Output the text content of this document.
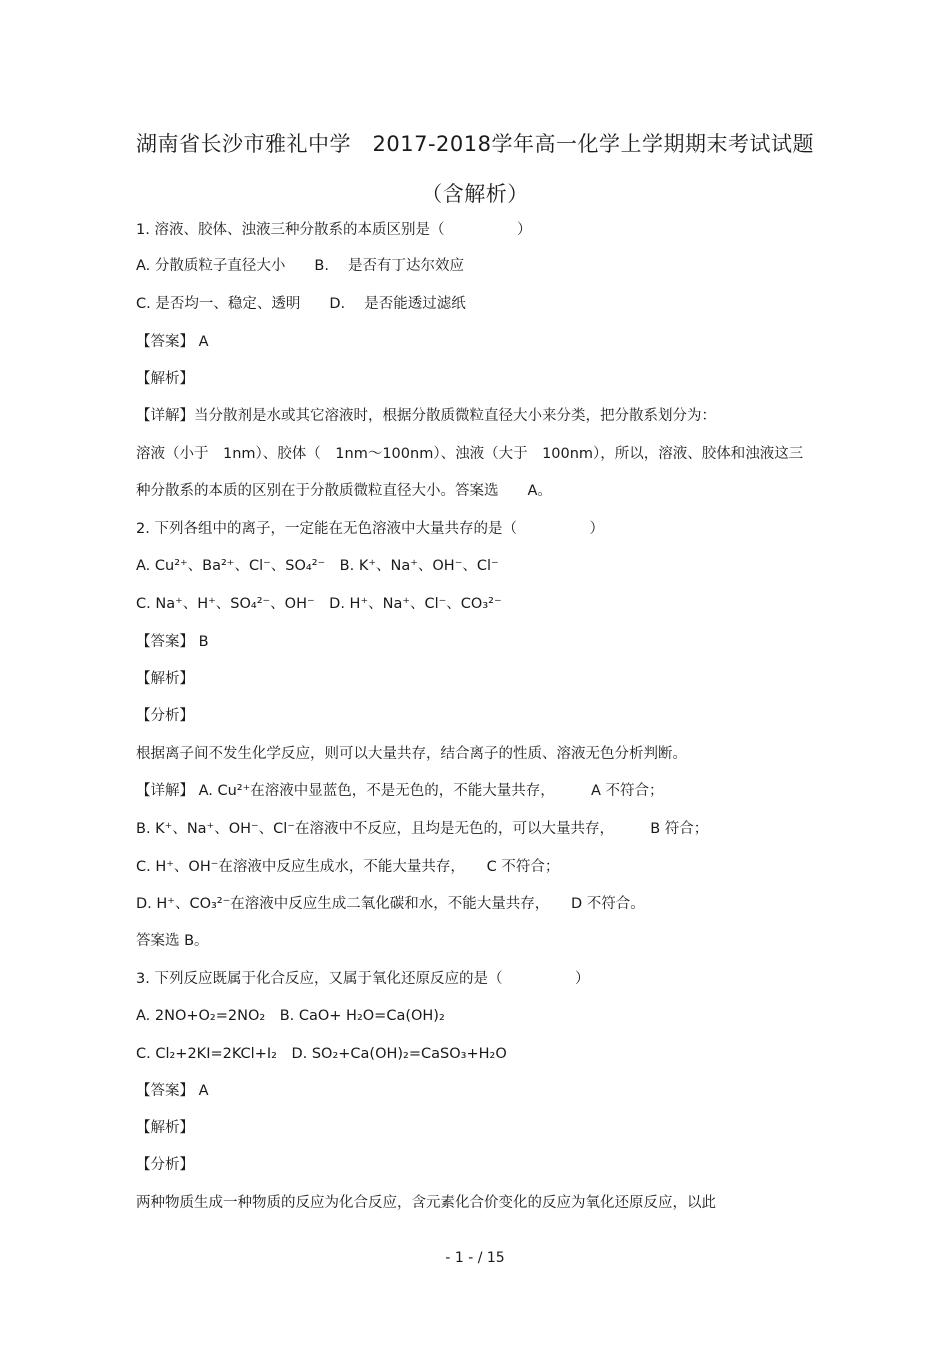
湖南省长沙市雅礼中学　2017-2018学年高一化学上学期期末考试试题
（含解析）
1. 溶液、胶体、浊液三种分散系的本质区别是（　　　　　）
A. 分散质粒子直径大小　　B.　 是否有丁达尔效应
C. 是否均一、稳定、透明　　D.　 是否能透过滤纸
【答案】 A
【解析】
【详解】当分散剂是水或其它溶液时，根据分散质微粒直径大小来分类，把分散系划分为：
溶液（小于　1nm）、胶体（　1nm～100nm）、浊液（大于　100nm），所以，溶液、胶体和浊液这三
种分散系的本质的区别在于分散质微粒直径大小。答案选　　A。
2. 下列各组中的离子，一定能在无色溶液中大量共存的是（　　　　　）
A. Cu²⁺、Ba²⁺、Cl⁻、SO₄²⁻　B. K⁺、Na⁺、OH⁻、Cl⁻
C. Na⁺、H⁺、SO₄²⁻、OH⁻　D. H⁺、Na⁺、Cl⁻、CO₃²⁻
【答案】 B
【解析】
【分析】
根据离子间不发生化学反应，则可以大量共存，结合离子的性质、溶液无色分析判断。
【详解】 A. Cu²⁺在溶液中显蓝色，不是无色的，不能大量共存，　　　A 不符合；
B. K⁺、Na⁺、OH⁻、Cl⁻在溶液中不反应，且均是无色的，可以大量共存，　　　B 符合；
C. H⁺、OH⁻在溶液中反应生成水，不能大量共存，　　C 不符合；
D. H⁺、CO₃²⁻在溶液中反应生成二氧化碳和水，不能大量共存，　　D 不符合。
答案选 B。
3. 下列反应既属于化合反应，又属于氧化还原反应的是（　　　　　）
A. 2NO+O₂=2NO₂　B. CaO+ H₂O=Ca(OH)₂
C. Cl₂+2KI=2KCl+I₂　D. SO₂+Ca(OH)₂=CaSO₃+H₂O
【答案】 A
【解析】
【分析】
两种物质生成一种物质的反应为化合反应，含元素化合价变化的反应为氧化还原反应，以此
- 1 - / 15
